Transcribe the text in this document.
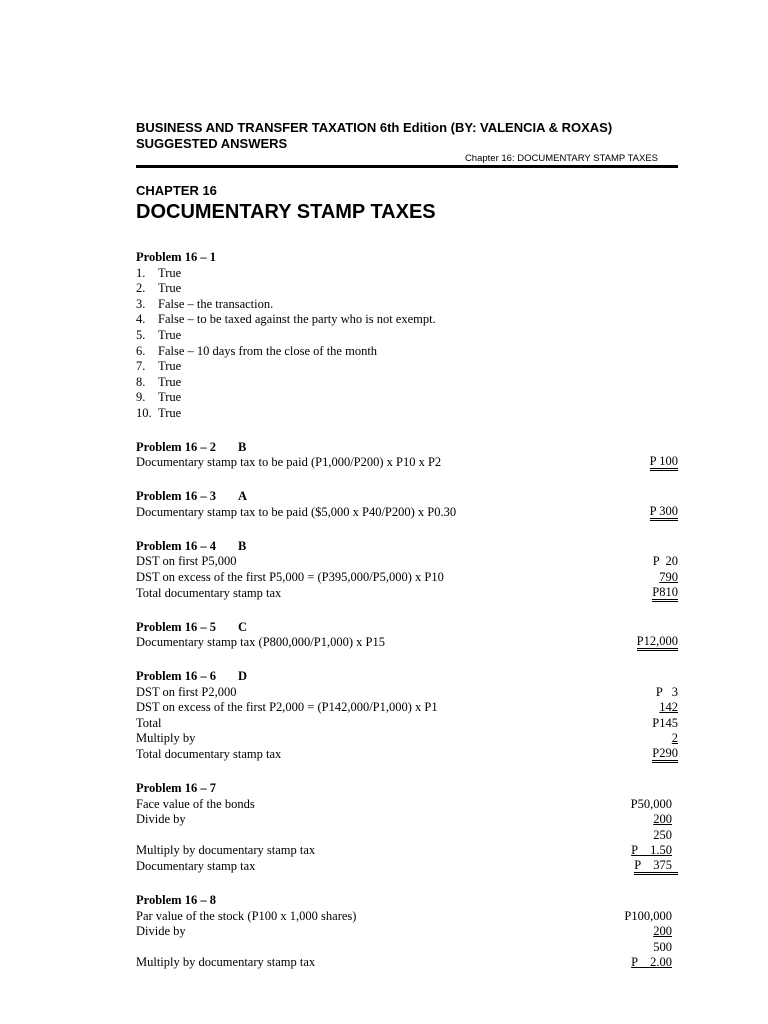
BUSINESS AND TRANSFER TAXATION 6th Edition (BY: VALENCIA & ROXAS)
SUGGESTED ANSWERS
Chapter 16: DOCUMENTARY STAMP TAXES
CHAPTER 16
DOCUMENTARY STAMP TAXES
Problem 16 – 1
1.	True
2.	True
3.	False – the transaction.
4.	False – to be taxed against the party who is not exempt.
5.	True
6.	False – 10 days from the close of the month
7.	True
8.	True
9.	True
10. True
Problem 16 – 2 B
Documentary stamp tax to be paid (P1,000/P200) x P10 x P2	P 100
Problem 16 – 3 A
Documentary stamp tax to be paid ($5,000 x P40/P200) x P0.30	P 300
Problem 16 – 4 B
DST on first P5,000	P  20
DST on excess of the first P5,000 = (P395,000/P5,000) x P10	790
Total documentary stamp tax	P810
Problem 16 – 5 C
Documentary stamp tax (P800,000/P1,000) x P15	P12,000
Problem 16 – 6 D
DST on first P2,000	P   3
DST on excess of the first P2,000 = (P142,000/P1,000) x P1	142
Total	P145
Multiply by	2
Total documentary stamp tax	P290
Problem 16 – 7
Face value of the bonds	P50,000
Divide by	200
250
Multiply by documentary stamp tax	P    1.50
Documentary stamp tax	P    375
Problem 16 – 8
Par value of the stock (P100 x 1,000 shares)	P100,000
Divide by	200
500
Multiply by documentary stamp tax	P    2.00
